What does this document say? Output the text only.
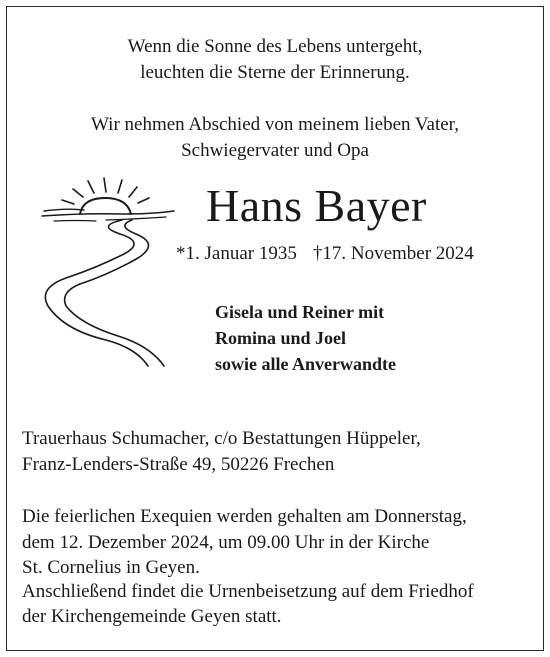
Wenn die Sonne des Lebens untergeht,
leuchten die Sterne der Erinnerung.
Wir nehmen Abschied von meinem lieben Vater,
Schwiegervater und Opa
Hans Bayer
*1. Januar 1935 †17. November 2024
Gisela und Reiner mit
Romina und Joel
sowie alle Anverwandte
Trauerhaus Schumacher, c/o Bestattungen Hüppeler,
Franz-Lenders-Straße 49, 50226 Frechen
Die feierlichen Exequien werden gehalten am Donnerstag,
dem 12. Dezember 2024, um 09.00 Uhr in der Kirche
St. Cornelius in Geyen.
Anschließend findet die Urnenbeisetzung auf dem Friedhof
der Kirchengemeinde Geyen statt.
